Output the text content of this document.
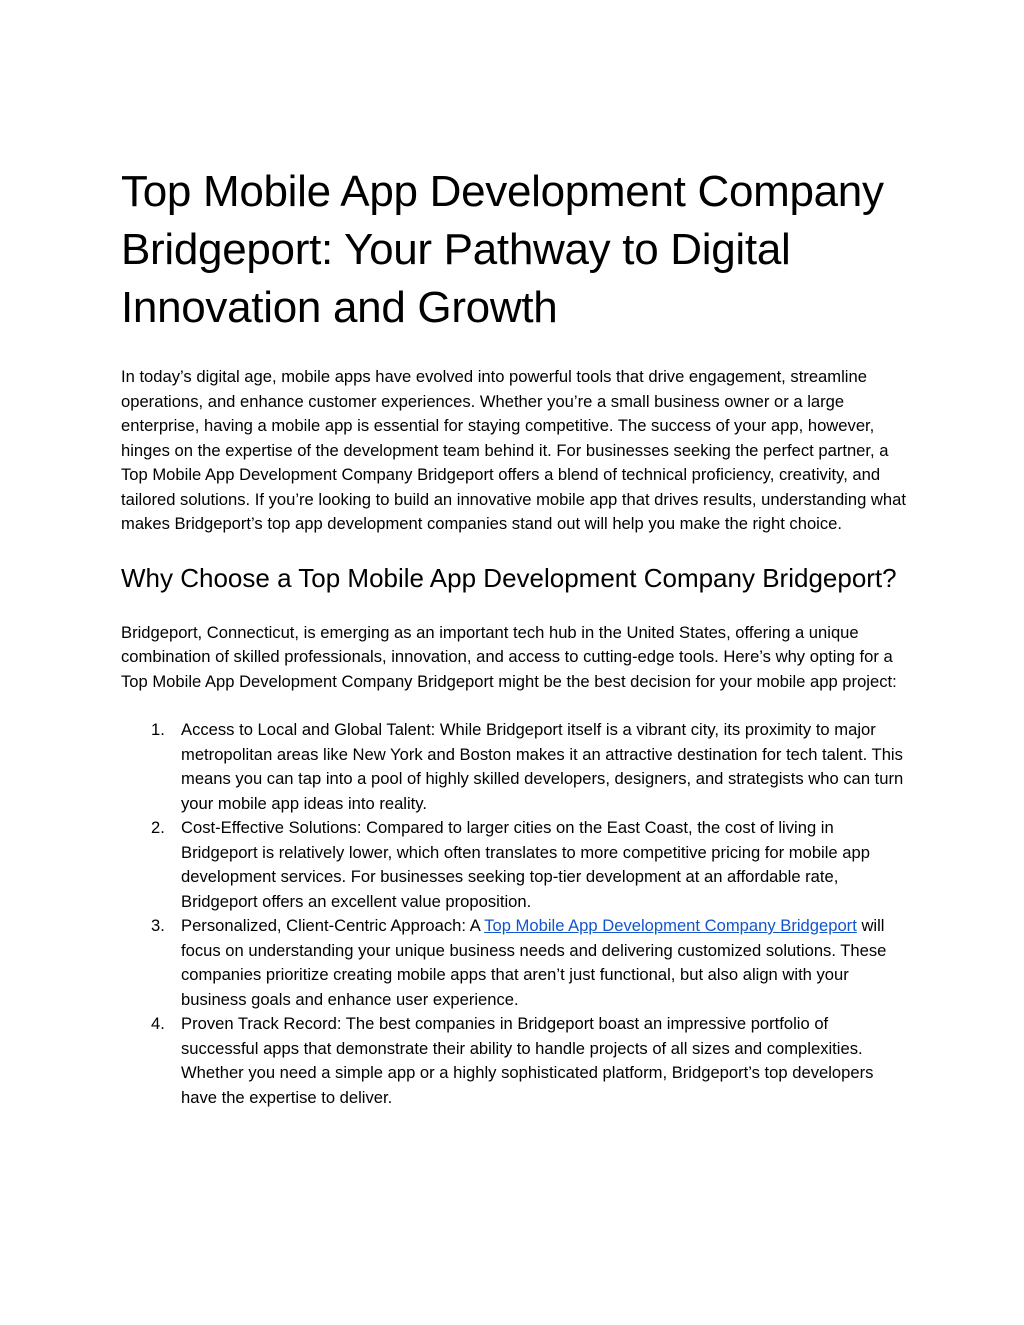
Top Mobile App Development Company Bridgeport: Your Pathway to Digital Innovation and Growth

In today’s digital age, mobile apps have evolved into powerful tools that drive engagement, streamline operations, and enhance customer experiences. Whether you’re a small business owner or a large enterprise, having a mobile app is essential for staying competitive. The success of your app, however, hinges on the expertise of the development team behind it. For businesses seeking the perfect partner, a Top Mobile App Development Company Bridgeport offers a blend of technical proficiency, creativity, and tailored solutions. If you’re looking to build an innovative mobile app that drives results, understanding what makes Bridgeport’s top app development companies stand out will help you make the right choice.

Why Choose a Top Mobile App Development Company Bridgeport?

Bridgeport, Connecticut, is emerging as an important tech hub in the United States, offering a unique combination of skilled professionals, innovation, and access to cutting-edge tools. Here’s why opting for a Top Mobile App Development Company Bridgeport might be the best decision for your mobile app project:

1. Access to Local and Global Talent: While Bridgeport itself is a vibrant city, its proximity to major metropolitan areas like New York and Boston makes it an attractive destination for tech talent. This means you can tap into a pool of highly skilled developers, designers, and strategists who can turn your mobile app ideas into reality.
2. Cost-Effective Solutions: Compared to larger cities on the East Coast, the cost of living in Bridgeport is relatively lower, which often translates to more competitive pricing for mobile app development services. For businesses seeking top-tier development at an affordable rate, Bridgeport offers an excellent value proposition.
3. Personalized, Client-Centric Approach: A Top Mobile App Development Company Bridgeport will focus on understanding your unique business needs and delivering customized solutions. These companies prioritize creating mobile apps that aren’t just functional, but also align with your business goals and enhance user experience.
4. Proven Track Record: The best companies in Bridgeport boast an impressive portfolio of successful apps that demonstrate their ability to handle projects of all sizes and complexities. Whether you need a simple app or a highly sophisticated platform, Bridgeport’s top developers have the expertise to deliver.
